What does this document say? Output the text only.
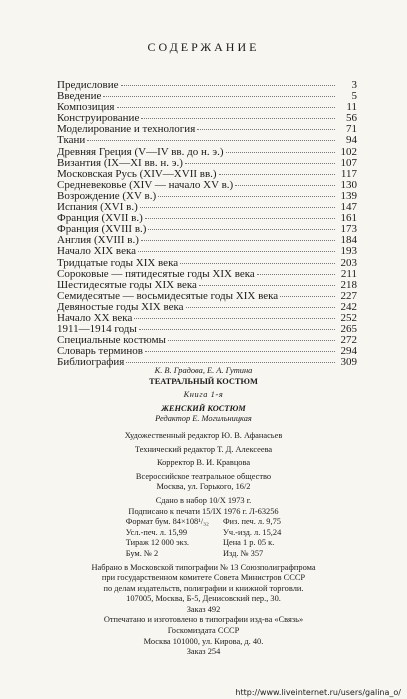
СОДЕРЖАНИЕ
Предисловие	3
Введение	5
Композиция	11
Конструирование	56
Моделирование и технология	71
Ткани	94
Древняя Греция (V—IV вв. до н. э.)	102
Византия (IX—XI вв. н. э.)	107
Московская Русь (XIV—XVII вв.)	117
Средневековье (XIV — начало XV в.)	130
Возрождение (XV в.)	139
Испания (XVI в.)	147
Франция (XVII в.)	161
Франция (XVIII в.)	173
Англия (XVIII в.)	184
Начало XIX века	193
Тридцатые годы XIX века	203
Сороковые — пятидесятые годы XIX века	211
Шестидесятые годы XIX века	218
Семидесятые — восьмидесятые годы XIX века	227
Девяностые годы XIX века	242
Начало XX века	252
1911—1914 годы	265
Специальные костюмы	272
Словарь терминов	294
Библиография	309
К. В. Градова, Е. А. Гутина
ТЕАТРАЛЬНЫЙ КОСТЮМ
Книга 1-я
ЖЕНСКИЙ КОСТЮМ
Редактор Е. Могильницкая
Художественный редактор Ю. В. Афанасьев
Технический редактор Т. Д. Алексеева
Корректор В. И. Кравцова
Всероссийское театральное общество
Москва, ул. Горького, 16/2
Сдано в набор 10/Х 1973 г.
Подписано к печати 15/IX 1976 г. Л-63256
Формат бум. 84×108¹/₃₂ Физ. печ. л. 9,75
Усл.-печ. л. 15,99	Уч.-изд. л. 15,24
Тираж 12 000 экз.	Цена 1 р. 05 к.
Бум. № 2	Изд. № 357
Набрано в Московской типографии № 13 Союзполиграфпрома
при государственном комитете Совета Министров СССР
по делам издательств, полиграфии и книжной торговли.
107005, Москва, Б-5, Денисовский пер., 30.
Заказ 492
Отпечатано и изготовлено в типографии изд-ва «Связь»
Госкомиздата СССР
Москва 101000, ул. Кирова, д. 40.
Заказ 254
http://www.liveinternet.ru/users/galina_o/
